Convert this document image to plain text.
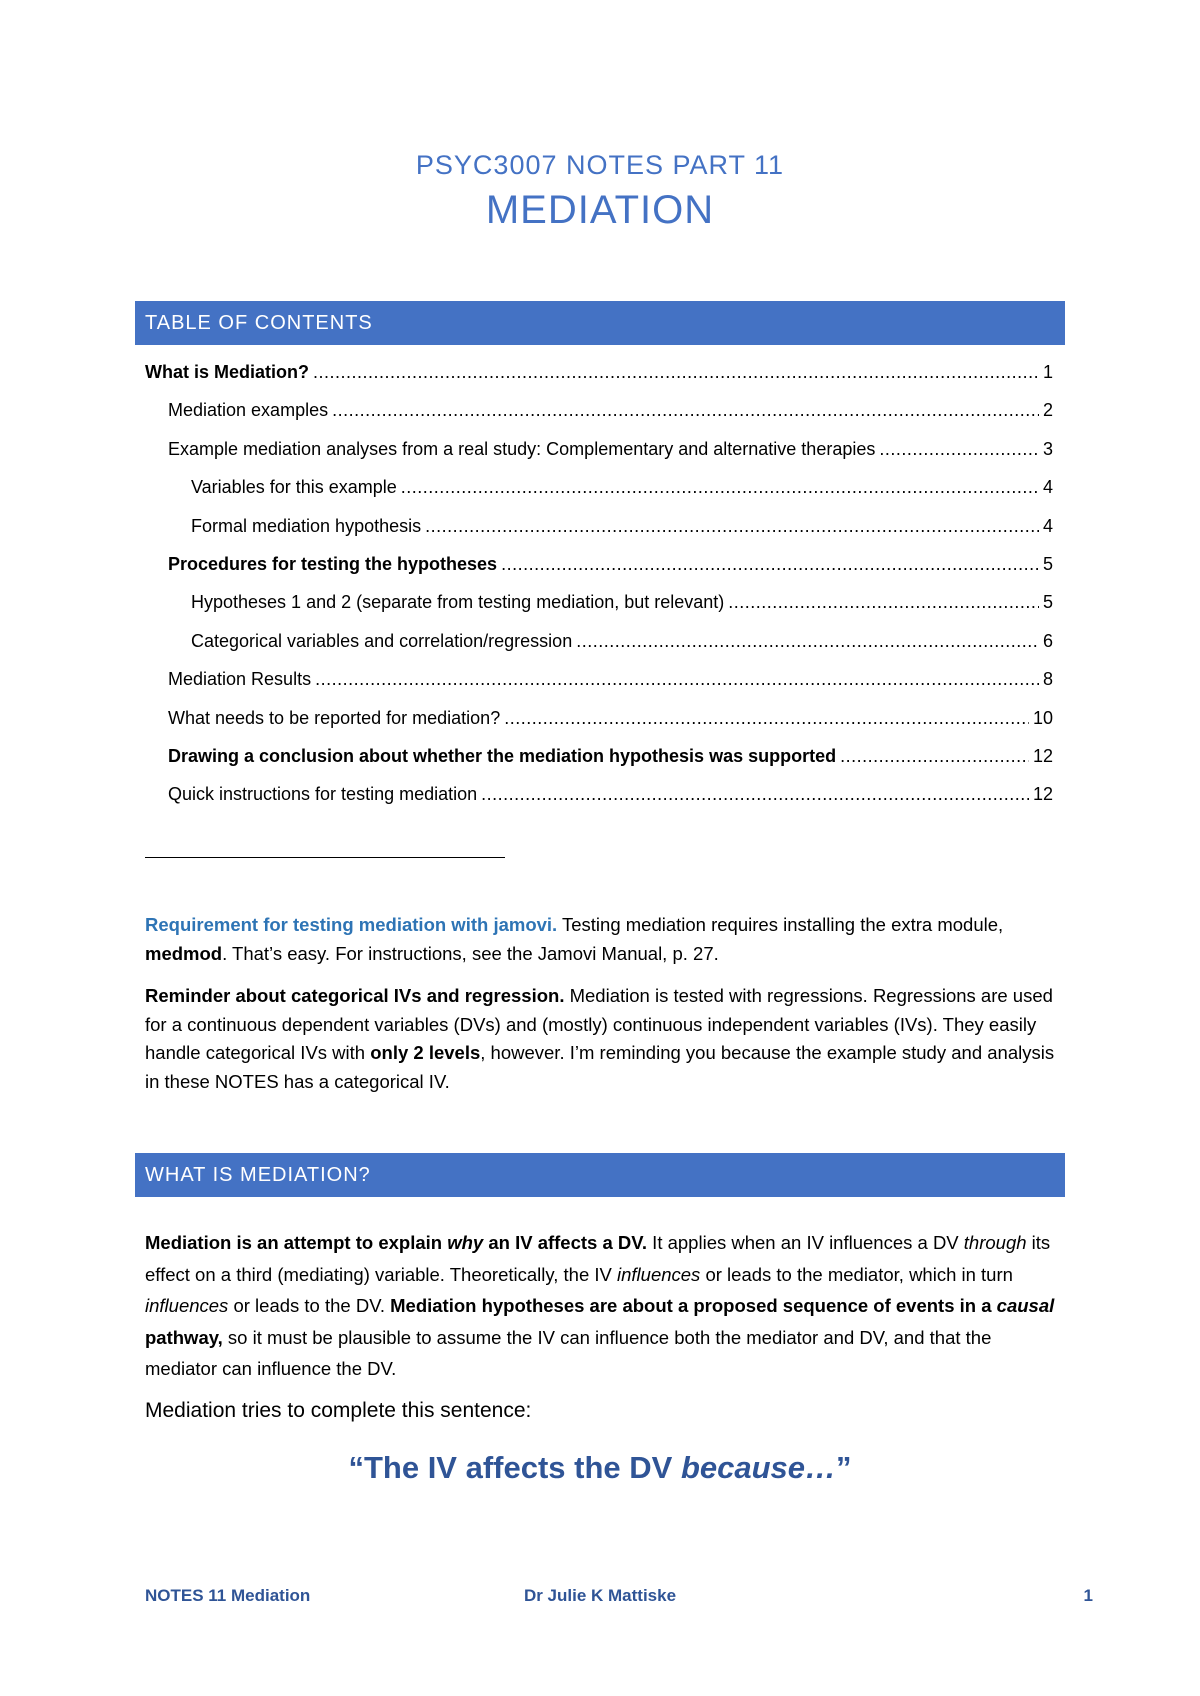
PSYC3007 NOTES PART 11
MEDIATION
TABLE OF CONTENTS
What is Mediation? .....	1
Mediation examples .....	2
Example mediation analyses from a real study: Complementary and alternative therapies .....	3
Variables for this example .....	4
Formal mediation hypothesis .....	4
Procedures for testing the hypotheses .....	5
Hypotheses 1 and 2 (separate from testing mediation, but relevant) .....	5
Categorical variables and correlation/regression .....	6
Mediation Results .....	8
What needs to be reported for mediation? .....	10
Drawing a conclusion about whether the mediation hypothesis was supported .....	12
Quick instructions for testing mediation .....	12
Requirement for testing mediation with jamovi. Testing mediation requires installing the extra module, medmod. That’s easy. For instructions, see the Jamovi Manual, p. 27.
Reminder about categorical IVs and regression. Mediation is tested with regressions. Regressions are used for a continuous dependent variables (DVs) and (mostly) continuous independent variables (IVs). They easily handle categorical IVs with only 2 levels, however. I’m reminding you because the example study and analysis in these NOTES has a categorical IV.
WHAT IS MEDIATION?
Mediation is an attempt to explain why an IV affects a DV. It applies when an IV influences a DV through its effect on a third (mediating) variable. Theoretically, the IV influences or leads to the mediator, which in turn influences or leads to the DV. Mediation hypotheses are about a proposed sequence of events in a causal pathway, so it must be plausible to assume the IV can influence both the mediator and DV, and that the mediator can influence the DV.
Mediation tries to complete this sentence:
“The IV affects the DV because…”
NOTES 11 Mediation	Dr Julie K Mattiske	1
